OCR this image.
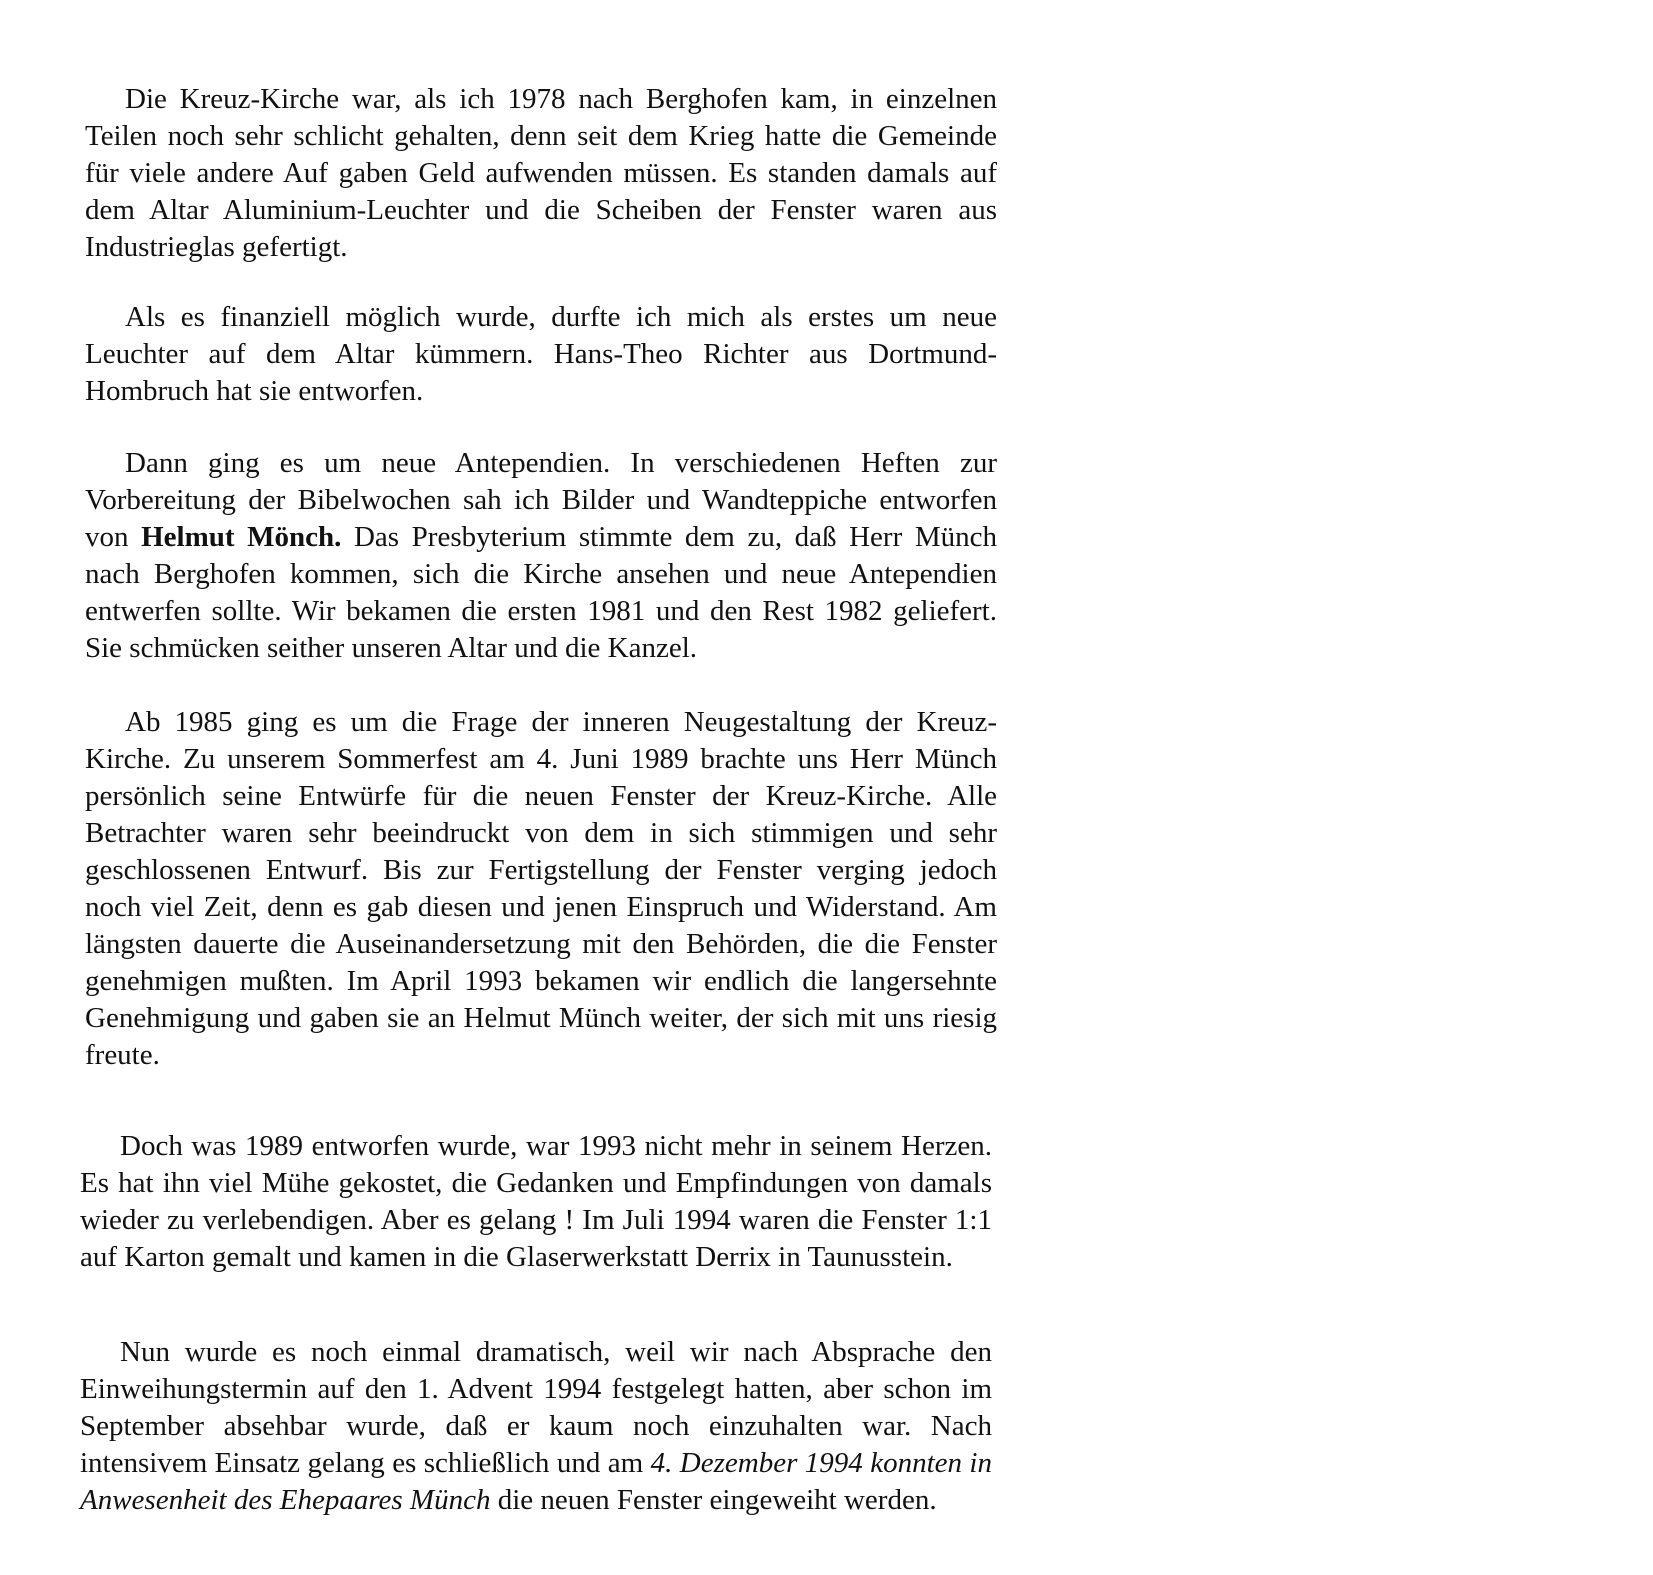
Die Kreuz-Kirche war, als ich 1978 nach Berghofen kam, in einzelnen Teilen noch sehr schlicht gehalten, denn seit dem Krieg hatte die Gemeinde für viele andere Auf gaben Geld aufwenden müssen. Es standen damals auf dem Altar Aluminium-Leuchter und die Scheiben der Fenster waren aus Industrieglas gefertigt.

Als es finanziell möglich wurde, durfte ich mich als erstes um neue Leuchter auf dem Altar kümmern. Hans-Theo Richter aus Dortmund-Hombruch hat sie entworfen.

Dann ging es um neue Antependien. In verschiedenen Heften zur Vorbereitung der Bibelwochen sah ich Bilder und Wandteppiche entworfen von Helmut Mönch. Das Presbyterium stimmte dem zu, daß Herr Münch nach Berghofen kommen, sich die Kirche ansehen und neue Antependien entwerfen sollte. Wir bekamen die ersten 1981 und den Rest 1982 geliefert. Sie schmücken seither unseren Altar und die Kanzel.

Ab 1985 ging es um die Frage der inneren Neugestaltung der Kreuz-Kirche. Zu unserem Sommerfest am 4. Juni 1989 brachte uns Herr Münch persönlich seine Entwürfe für die neuen Fenster der Kreuz-Kirche. Alle Betrachter waren sehr beeindruckt von dem in sich stimmigen und sehr geschlossenen Entwurf. Bis zur Fertigstellung der Fenster verging jedoch noch viel Zeit, denn es gab diesen und jenen Einspruch und Widerstand. Am längsten dauerte die Auseinandersetzung mit den Behörden, die die Fenster genehmigen mußten. Im April 1993 bekamen wir endlich die langersehnte Genehmigung und gaben sie an Helmut Münch weiter, der sich mit uns riesig freute.

Doch was 1989 entworfen wurde, war 1993 nicht mehr in seinem Herzen. Es hat ihn viel Mühe gekostet, die Gedanken und Empfindungen von damals wieder zu verlebendigen. Aber es gelang ! Im Juli 1994 waren die Fenster 1:1 auf Karton gemalt und kamen in die Glaserwerkstatt Derrix in Taunusstein.

Nun wurde es noch einmal dramatisch, weil wir nach Absprache den Einweihungstermin auf den 1. Advent 1994 festgelegt hatten, aber schon im September absehbar wurde, daß er kaum noch einzuhalten war. Nach intensivem Einsatz gelang es schließlich und am 4. Dezember 1994 konnten in Anwesenheit des Ehepaares Münch die neuen Fenster eingeweiht werden.
